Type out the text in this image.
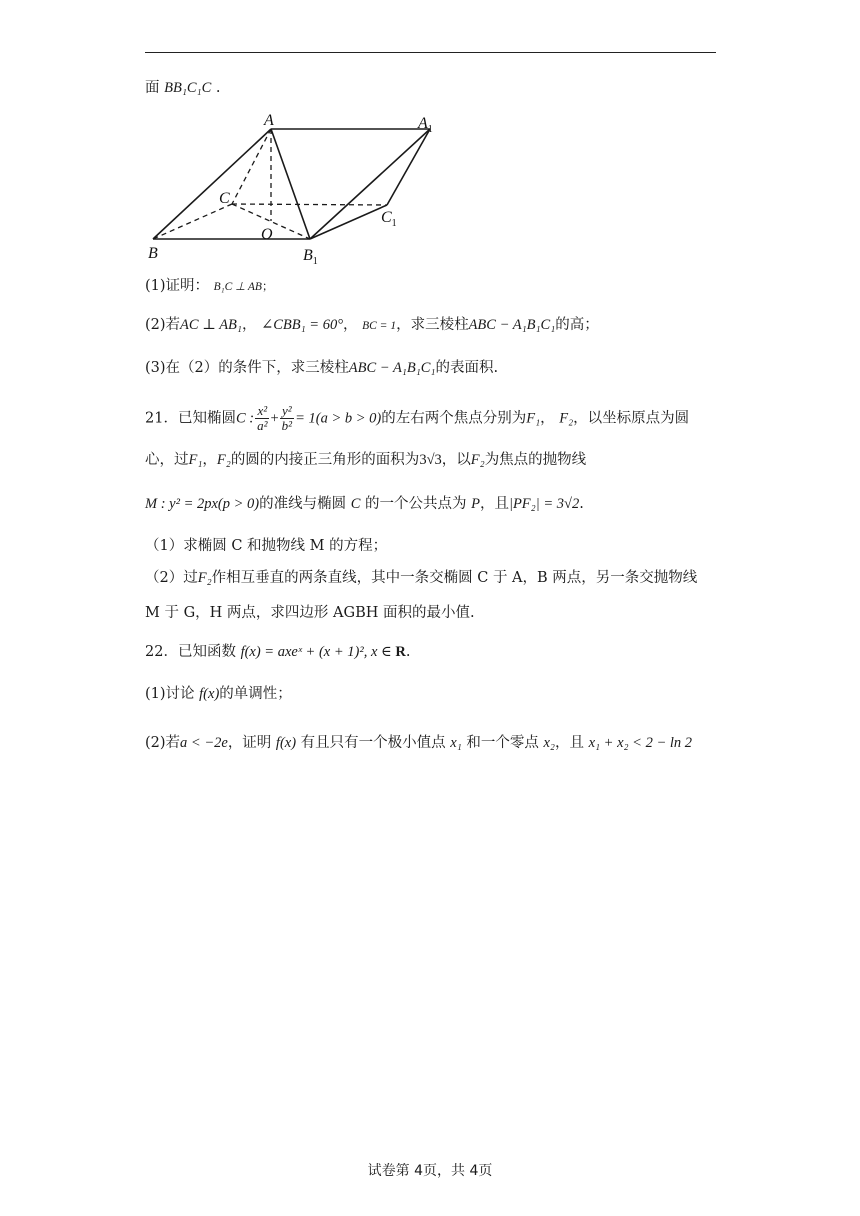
面 BB₁C₁C .
A	$A_1$
C
O
$C_1$
B	$B_1$
(1)证明： B₁C ⊥ AB；
(2)若AC ⊥ AB₁， ∠CBB₁ = 60°， BC = 1，求三棱柱ABC − A₁B₁C₁的高；
(3)在（2）的条件下，求三棱柱ABC − A₁B₁C₁的表面积.
21．已知椭圆C : $\frac{\text{x²}}{\text{a²}} + \frac{\text{y²}}{\text{b²}} = 1(a > b > 0)$的左右两个焦点分别为F₁， F₂，以坐标原点为圆
心，过F₁，F₂的圆的内接正三角形的面积为3√3，以F₂为焦点的抛物线
M : y² = 2px(p > 0)的准线与椭圆 C 的一个公共点为 P，且|PF₂| = 3√2.
（1）求椭圆 C 和抛物线 M 的方程；
（2）过F₂作相互垂直的两条直线，其中一条交椭圆 C 于 A，B 两点，另一条交抛物线
M 于 G，H 两点，求四边形 AGBH 面积的最小值.
22．已知函数 f(x) = axeˣ + (x + 1)², x ∈ R.
(1)讨论 f(x)的单调性；
(2)若a < −2e，证明 f(x) 有且只有一个极小值点 x₁ 和一个零点 x₂，且 x₁ + x₂ < 2 − ln 2
试卷第 4页，共 4页
